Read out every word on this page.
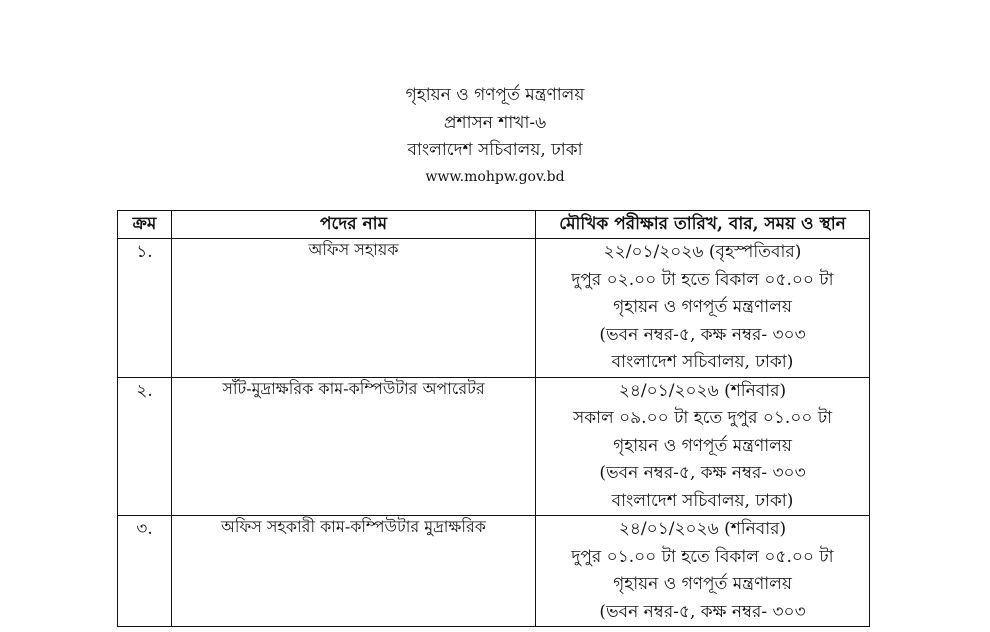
গৃহায়ন ও গণপূর্ত মন্ত্রণালয়
প্রশাসন শাখা-৬
বাংলাদেশ সচিবালয়, ঢাকা
www.mohpw.gov.bd
ক্রম	পদের নাম	মৌখিক পরীক্ষার তারিখ, বার, সময় ও স্থান
১.	অফিস সহায়ক	২২/০১/২০২৬ (বৃহস্পতিবার)
দুপুর ০২.০০ টা হতে বিকাল ০৫.০০ টা
গৃহায়ন ও গণপূর্ত মন্ত্রণালয়
(ভবন নম্বর-৫, কক্ষ নম্বর- ৩০৩
বাংলাদেশ সচিবালয়, ঢাকা)

২.	সাঁট-মুদ্রাক্ষরিক কাম-কম্পিউটার অপারেটর	২৪/০১/২০২৬ (শনিবার)
সকাল ০৯.০০ টা হতে দুপুর ০১.০০ টা
গৃহায়ন ও গণপূর্ত মন্ত্রণালয়
(ভবন নম্বর-৫, কক্ষ নম্বর- ৩০৩
বাংলাদেশ সচিবালয়, ঢাকা)

৩.	অফিস সহকারী কাম-কম্পিউটার মুদ্রাক্ষরিক	২৪/০১/২০২৬ (শনিবার)
দুপুর ০১.০০ টা হতে বিকাল ০৫.০০ টা
গৃহায়ন ও গণপূর্ত মন্ত্রণালয়
(ভবন নম্বর-৫, কক্ষ নম্বর- ৩০৩
